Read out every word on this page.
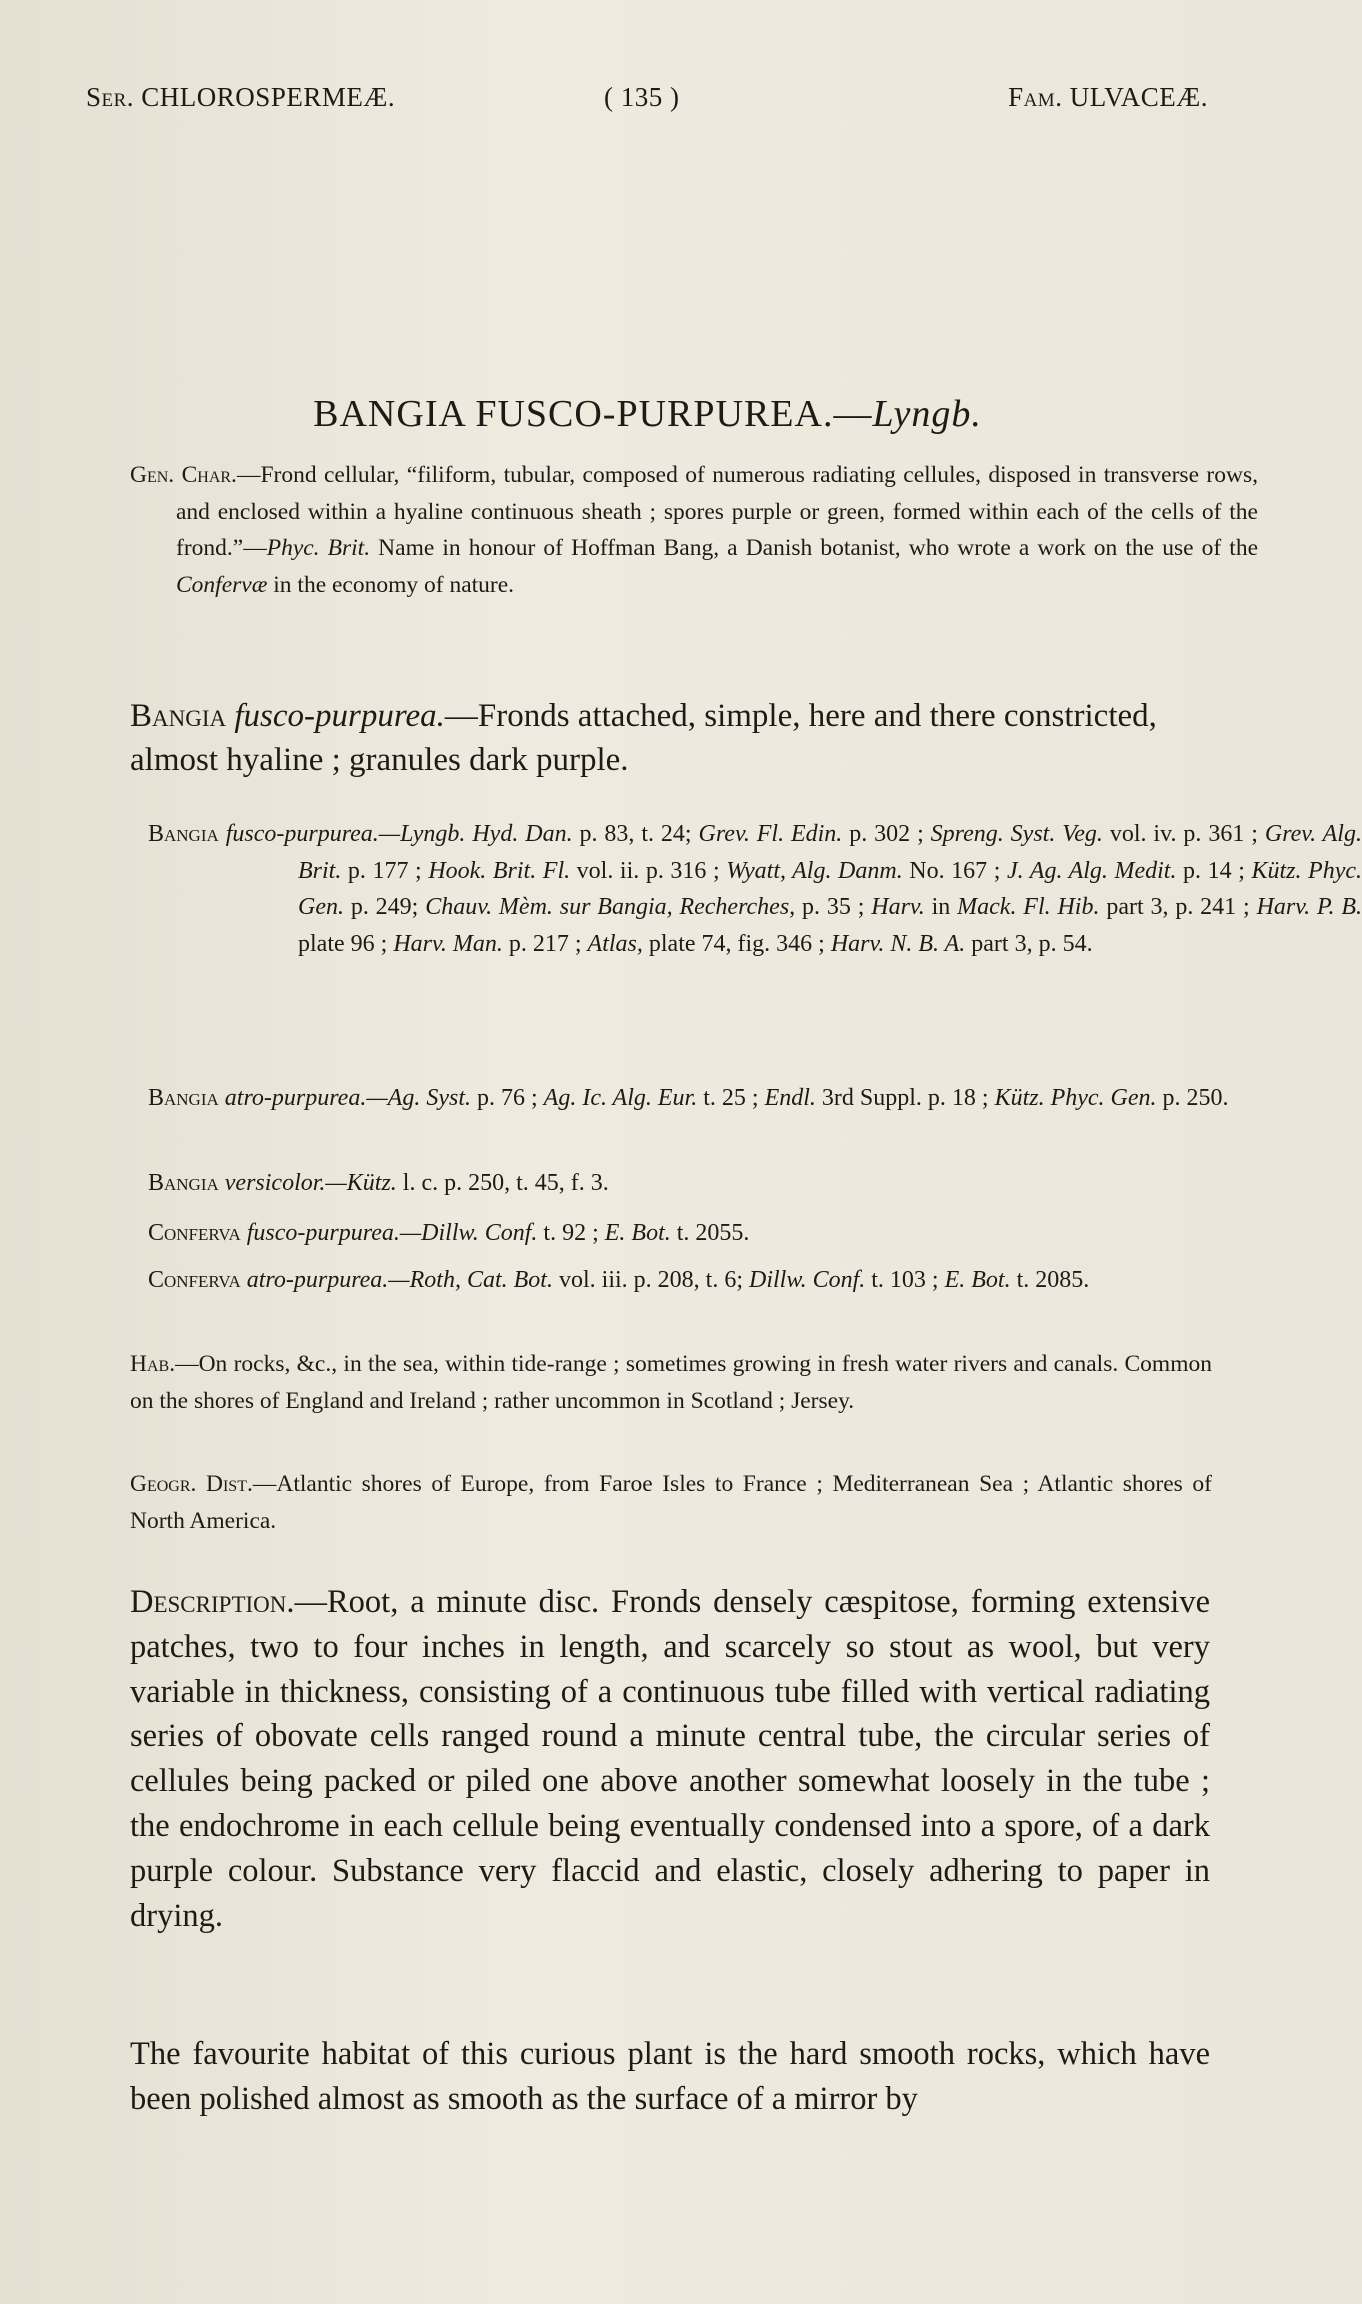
Ser. CHLOROSPERMEÆ.	( 135 )	Fam. ULVACEÆ.
BANGIA FUSCO-PURPUREA.—Lyngb.
Gen. Char.—Frond cellular, “filiform, tubular, composed of numerous radiating cellules, disposed in transverse rows, and enclosed within a hyaline continuous sheath ; spores purple or green, formed within each of the cells of the frond.”—Phyc. Brit. Name in honour of Hoffman Bang, a Danish botanist, who wrote a work on the use of the Confervæ in the economy of nature.
Bangia fusco-purpurea.—Fronds attached, simple, here and there constricted, almost hyaline ; granules dark purple.
Bangia fusco-purpurea.—Lyngb. Hyd. Dan. p. 83, t. 24; Grev. Fl. Edin. p. 302 ; Spreng. Syst. Veg. vol. iv. p. 361 ; Grev. Alg. Brit. p. 177 ; Hook. Brit. Fl. vol. ii. p. 316 ; Wyatt, Alg. Danm. No. 167 ; J. Ag. Alg. Medit. p. 14 ; Kütz. Phyc. Gen. p. 249; Chauv. Mèm. sur Bangia, Recherches, p. 35 ; Harv. in Mack. Fl. Hib. part 3, p. 241 ; Harv. P. B. plate 96 ; Harv. Man. p. 217 ; Atlas, plate 74, fig. 346 ; Harv. N. B. A. part 3, p. 54.
Bangia atro-purpurea.—Ag. Syst. p. 76 ; Ag. Ic. Alg. Eur. t. 25 ; Endl. 3rd Suppl. p. 18 ; Kütz. Phyc. Gen. p. 250.
Bangia versicolor.—Kütz. l. c. p. 250, t. 45, f. 3.
Conferva fusco-purpurea.—Dillw. Conf. t. 92 ; E. Bot. t. 2055.
Conferva atro-purpurea.—Roth, Cat. Bot. vol. iii. p. 208, t. 6; Dillw. Conf. t. 103 ; E. Bot. t. 2085.
Hab.—On rocks, &c., in the sea, within tide-range ; sometimes growing in fresh water rivers and canals. Common on the shores of England and Ireland ; rather uncommon in Scotland ; Jersey.
Geogr. Dist.—Atlantic shores of Europe, from Faroe Isles to France ; Mediterranean Sea ; Atlantic shores of North America.
Description.—Root, a minute disc. Fronds densely cæspitose, forming extensive patches, two to four inches in length, and scarcely so stout as wool, but very variable in thickness, consisting of a continuous tube filled with vertical radiating series of obovate cells ranged round a minute central tube, the circular series of cellules being packed or piled one above another somewhat loosely in the tube ; the endochrome in each cellule being eventually condensed into a spore, of a dark purple colour. Substance very flaccid and elastic, closely adhering to paper in drying.
The favourite habitat of this curious plant is the hard smooth rocks, which have been polished almost as smooth as the surface of a mirror by
